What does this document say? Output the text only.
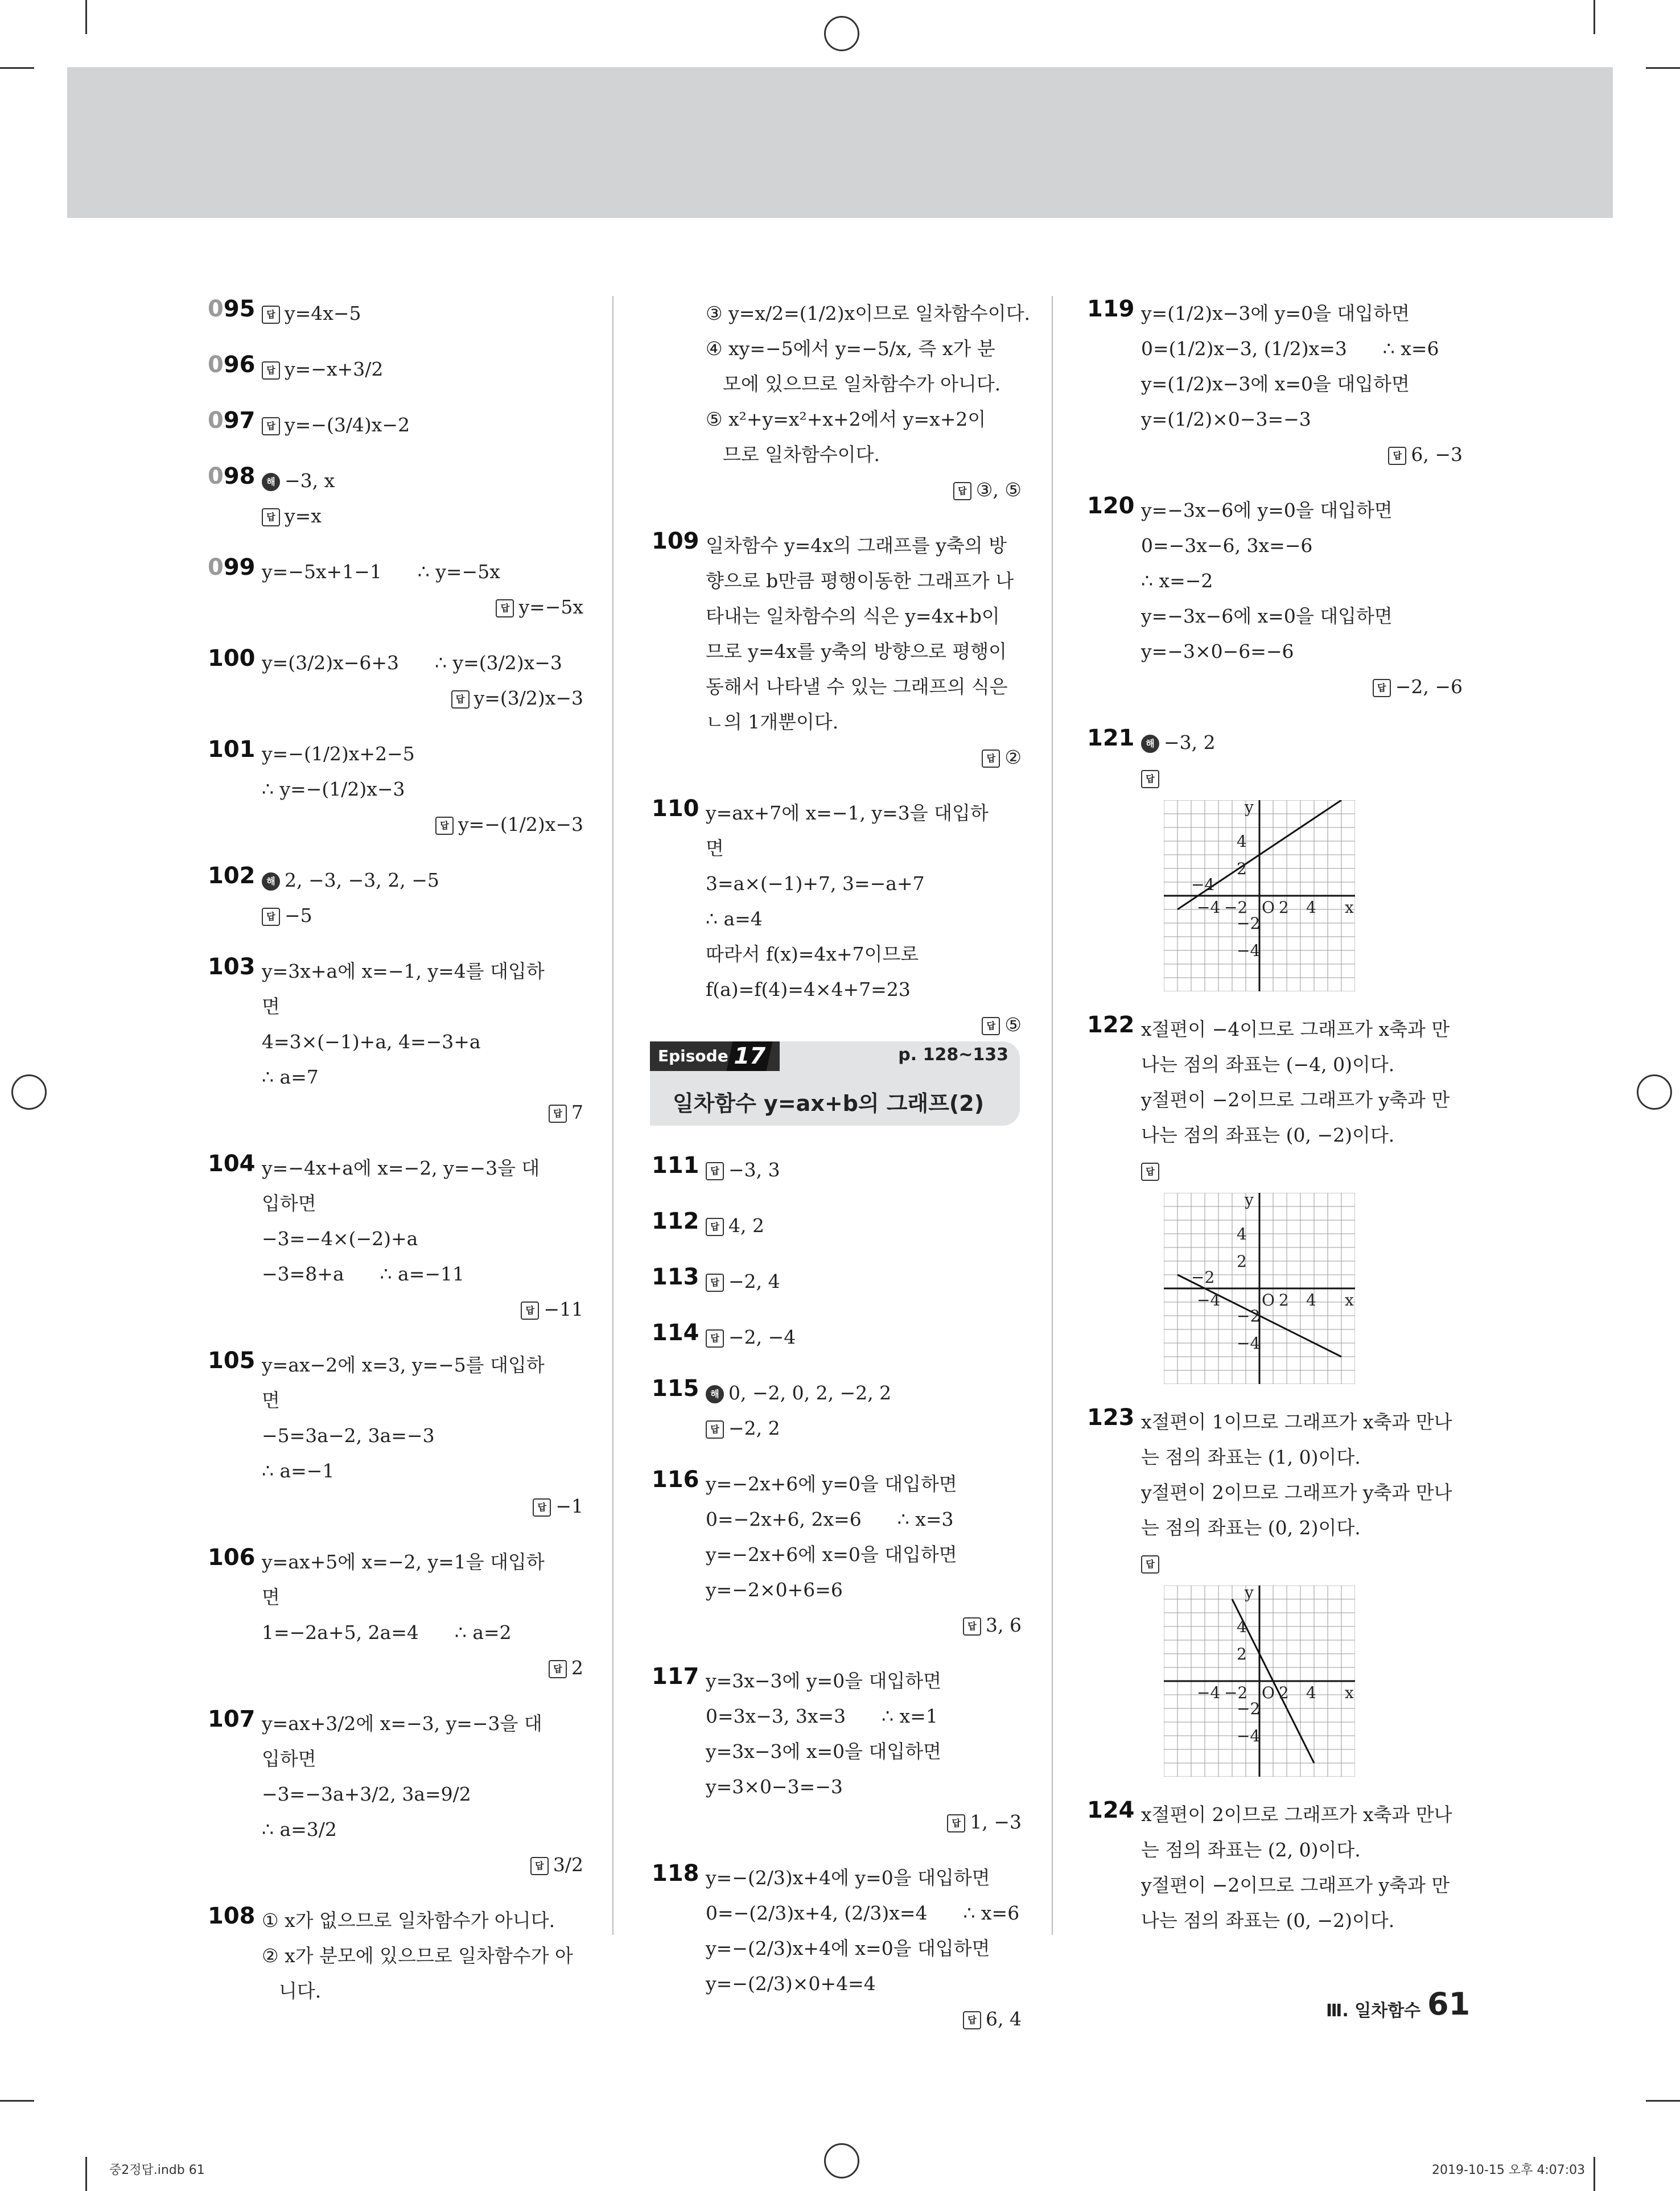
095	답 y=4x−5
096	답 y=−x+3/2
097	답 y=−(3/4)x−2
098	해 −3, x
답 y=x
099 y=−5x+1−1      ∴ y=−5x
답 y=−5x
100 y=(3/2)x−6+3      ∴ y=(3/2)x−3
답 y=(3/2)x−3
101 y=−(1/2)x+2−5
∴ y=−(1/2)x−3
답 y=−(1/2)x−3
102	해 2, −3, −3, 2, −5
답 −5
103 y=3x+a에 x=−1, y=4를 대입하
면
4=3×(−1)+a, 4=−3+a
∴ a=7
답 7
104 y=−4x+a에 x=−2, y=−3을 대
입하면
−3=−4×(−2)+a
−3=8+a      ∴ a=−11
답 −11
105 y=ax−2에 x=3, y=−5를 대입하
면
−5=3a−2, 3a=−3
∴ a=−1
답 −1
106 y=ax+5에 x=−2, y=1을 대입하
면
1=−2a+5, 2a=4      ∴ a=2
답 2
107 y=ax+3/2에 x=−3, y=−3을 대
입하면
−3=−3a+3/2, 3a=9/2
∴ a=3/2
답 3/2
108 ① x가 없으므로 일차함수가 아니다.
② x가 분모에 있으므로 일차함수가 아
니다.
③ y=x/2=(1/2)x이므로 일차함수이다.
④ xy=−5에서 y=−5/x, 즉 x가 분
모에 있으므로 일차함수가 아니다.
⑤ x²+y=x²+x+2에서 y=x+2이
므로 일차함수이다.
답 ③, ⑤
109 일차함수 y=4x의 그래프를 y축의 방
향으로 b만큼 평행이동한 그래프가 나
타내는 일차함수의 식은 y=4x+b이
므로 y=4x를 y축의 방향으로 평행이
동해서 나타낼 수 있는 그래프의 식은
ㄴ의 1개뿐이다.
답 ②
110 y=ax+7에 x=−1, y=3을 대입하
면
3=a×(−1)+7, 3=−a+7
∴ a=4
따라서 f(x)=4x+7이므로
f(a)=f(4)=4×4+7=23
답 ⑤
111	답 −3, 3
112	답 4, 2
113	답 −2, 4
114	답 −2, −4
115	해 0, −2, 0, 2, −2, 2
답 −2, 2
116 y=−2x+6에 y=0을 대입하면
0=−2x+6, 2x=6      ∴ x=3
y=−2x+6에 x=0을 대입하면
y=−2×0+6=6
답 3, 6
117 y=3x−3에 y=0을 대입하면
0=3x−3, 3x=3      ∴ x=1
y=3x−3에 x=0을 대입하면
y=3×0−3=−3
답 1, −3
118 y=−(2/3)x+4에 y=0을 대입하면
0=−(2/3)x+4, (2/3)x=4      ∴ x=6
y=−(2/3)x+4에 x=0을 대입하면
y=−(2/3)×0+4=4
답 6, 4
119 y=(1/2)x−3에 y=0을 대입하면
0=(1/2)x−3, (1/2)x=3      ∴ x=6
y=(1/2)x−3에 x=0을 대입하면
y=(1/2)×0−3=−3
답 6, −3
120 y=−3x−6에 y=0을 대입하면
0=−3x−6, 3x=−6
∴ x=−2
y=−3x−6에 x=0을 대입하면
y=−3×0−6=−6
답 −2, −6
121	해 −3, 2
답
−4 −2 2 4
4
2
−2
−4
O	x
y
−4
122 x절편이 −4이므로 그래프가 x축과 만
나는 점의 좌표는 (−4, 0)이다.
y절편이 −2이므로 그래프가 y축과 만
나는 점의 좌표는 (0, −2)이다.
답
−4	2 4
4
2
−2
−4
O	x
y
−2
123 x절편이 1이므로 그래프가 x축과 만나
는 점의 좌표는 (1, 0)이다.
y절편이 2이므로 그래프가 y축과 만나
는 점의 좌표는 (0, 2)이다.
답
−4 −2 2 4
4
2
−2
−4
O	x
y
124 x절편이 2이므로 그래프가 x축과 만나
는 점의 좌표는 (2, 0)이다.
y절편이 −2이므로 그래프가 y축과 만
나는 점의 좌표는 (0, −2)이다.
Episode 17	p. 128~133
일차함수 y=ax+b의 그래프(2)
Ⅲ. 일차함수 61
중2정답.indb 61	2019-10-15 오후 4:07:03
